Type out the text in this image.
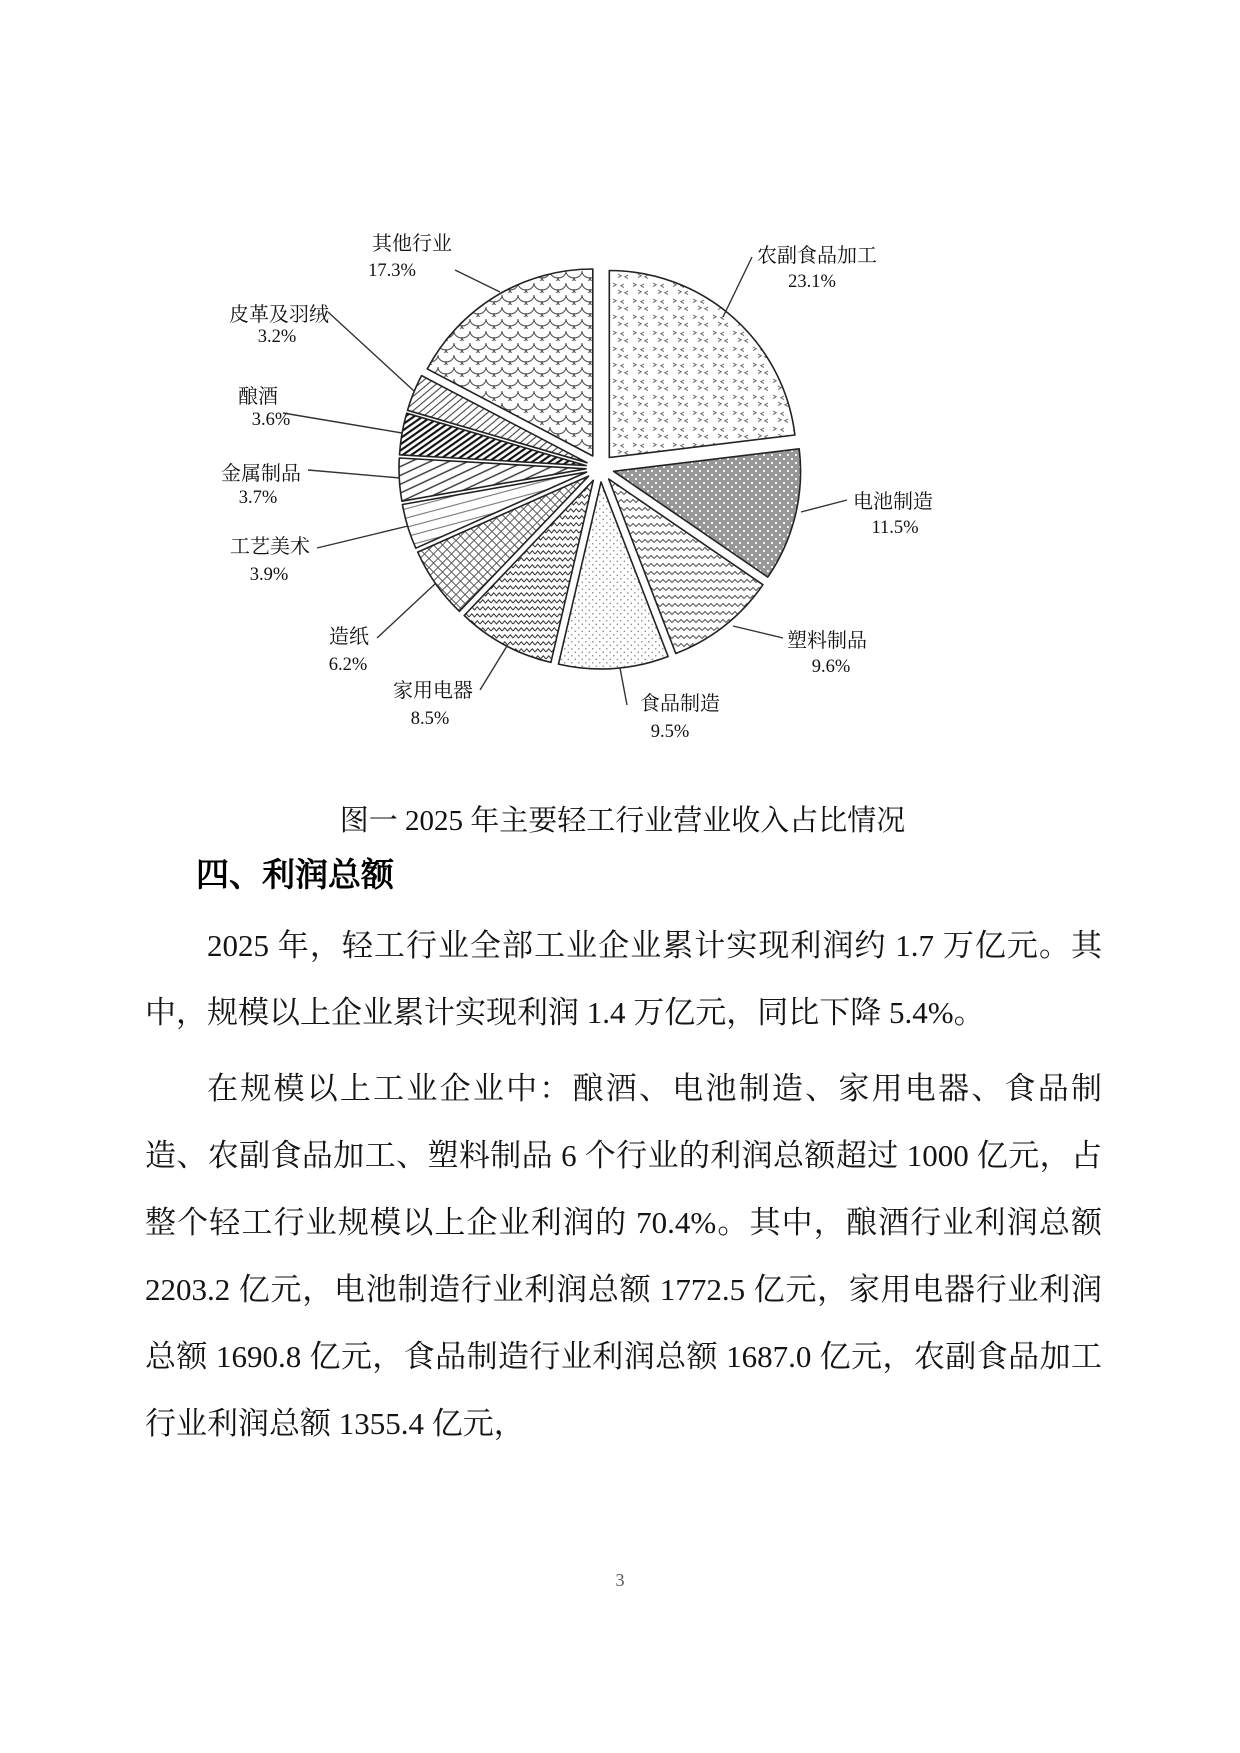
农副食品加工
23.1%
电池制造
11.5%
塑料制品
9.6%
食品制造
9.5%
家用电器
8.5%
造纸
6.2%
工艺美术
3.9%
金属制品
3.7%
酿酒
3.6%
皮革及羽绒
3.2%
其他行业
17.3%
图一 2025 年主要轻工行业营业收入占比情况
四、利润总额

2025 年，轻工行业全部工业企业累计实现利润约 1.7 万亿元。其中，规模以上企业累计实现利润 1.4 万亿元，同比下降 5.4%。

在规模以上工业企业中：酿酒、电池制造、家用电器、食品制造、农副食品加工、塑料制品 6 个行业的利润总额超过 1000 亿元，占整个轻工行业规模以上企业利润的 70.4%。其中，酿酒行业利润总额 2203.2 亿元，电池制造行业利润总额 1772.5 亿元，家用电器行业利润总额 1690.8 亿元，食品制造行业利润总额 1687.0 亿元，农副食品加工行业利润总额 1355.4 亿元，

3
